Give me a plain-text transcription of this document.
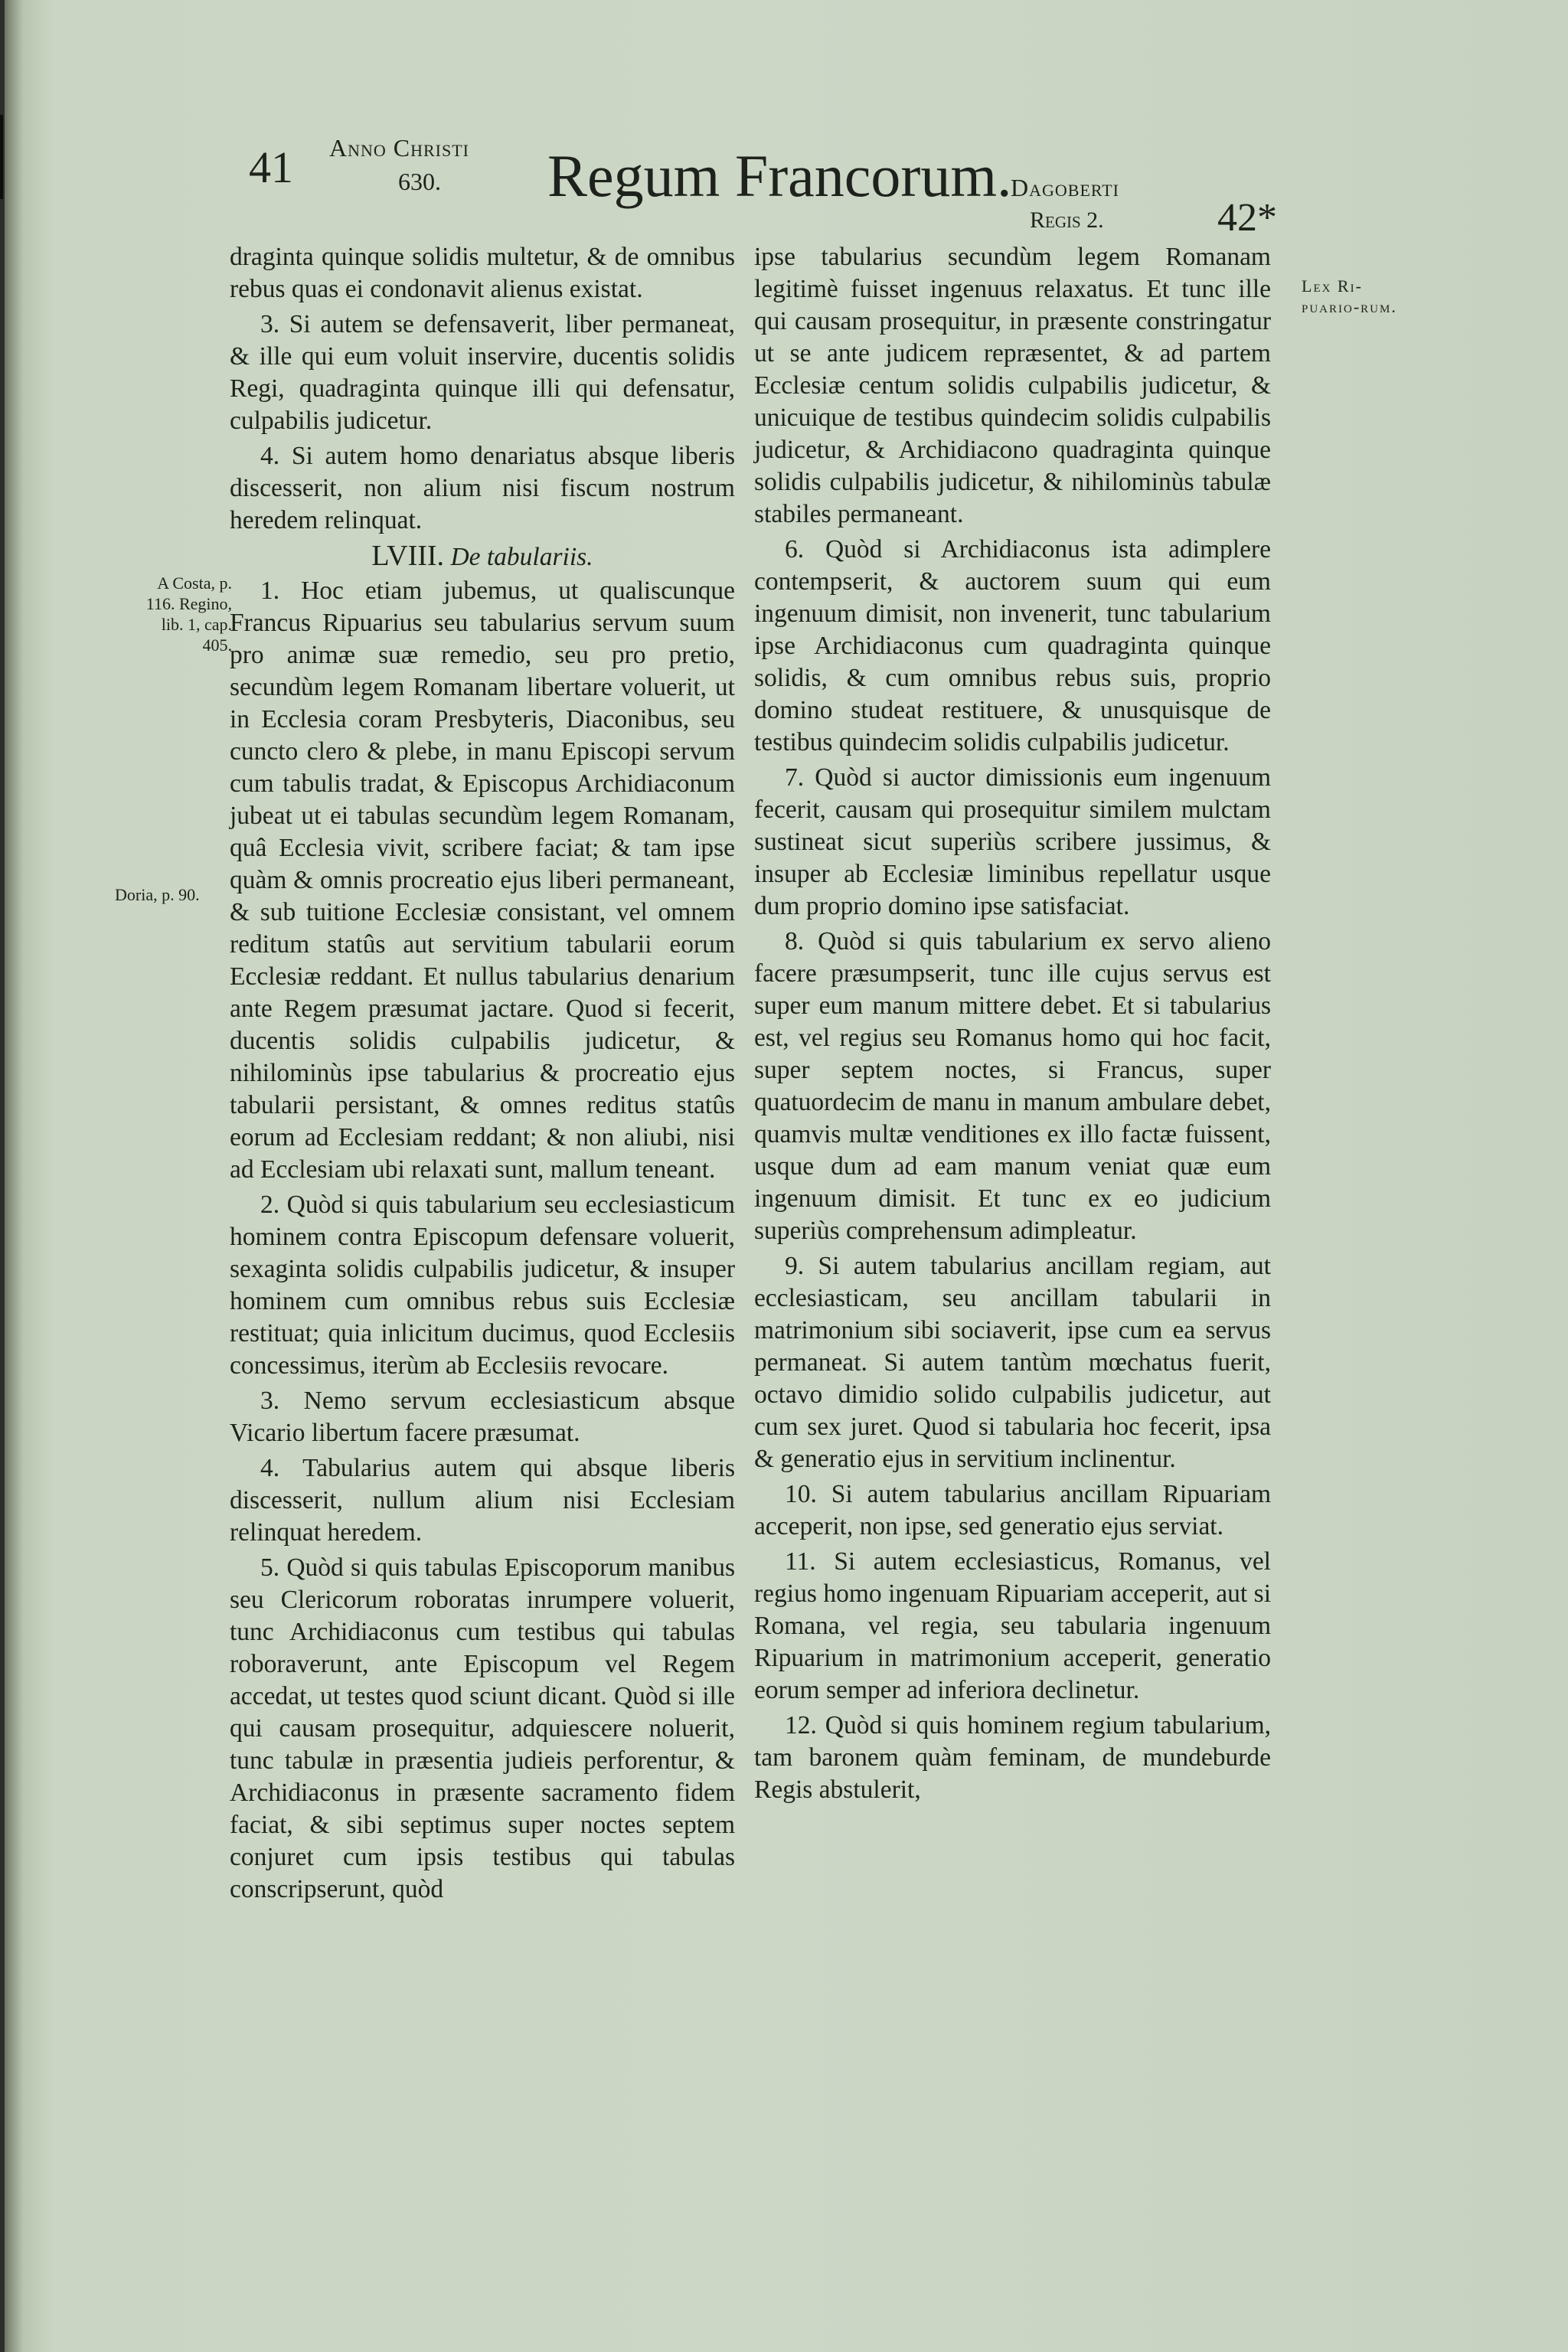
41 Anno Christi
630. Regum Francorum.
Dagoberti
Regis 2.	42*
A Costa, p. 116. Regino, lib. 1, cap. 405.
Doria, p. 90.
Lex Ri-puario-rum.

draginta quinque solidis multetur, & de omnibus rebus quas ei condonavit alienus existat.

3. Si autem se defensaverit, liber permaneat, & ille qui eum voluit inservire, ducentis solidis Regi, quadraginta quinque illi qui defensatur, culpabilis judicetur.

4. Si autem homo denariatus absque liberis discesserit, non alium nisi fiscum nostrum heredem relinquat.

LVIII. De tabulariis.

1. Hoc etiam jubemus, ut qualiscunque Francus Ripuarius seu tabularius servum suum pro animæ suæ remedio, seu pro pretio, secundùm legem Romanam libertare voluerit, ut in Ecclesia coram Presbyteris, Diaconibus, seu cuncto clero & plebe, in manu Episcopi servum cum tabulis tradat, & Episcopus Archidiaconum jubeat ut ei tabulas secundùm legem Romanam, quâ Ecclesia vivit, scribere faciat; & tam ipse quàm & omnis procreatio ejus liberi permaneant, & sub tuitione Ecclesiæ consistant, vel omnem reditum statûs aut servitium tabularii eorum Ecclesiæ reddant. Et nullus tabularius denarium ante Regem præsumat jactare. Quod si fecerit, ducentis solidis culpabilis judicetur, & nihilominùs ipse tabularius & procreatio ejus tabularii persistant, & omnes reditus statûs eorum ad Ecclesiam reddant; & non aliubi, nisi ad Ecclesiam ubi relaxati sunt, mallum teneant.

2. Quòd si quis tabularium seu ecclesiasticum hominem contra Episcopum defensare voluerit, sexaginta solidis culpabilis judicetur, & insuper hominem cum omnibus rebus suis Ecclesiæ restituat; quia inlicitum ducimus, quod Ecclesiis concessimus, iterùm ab Ecclesiis revocare.

3. Nemo servum ecclesiasticum absque Vicario libertum facere præsumat.

4. Tabularius autem qui absque liberis discesserit, nullum alium nisi Ecclesiam relinquat heredem.

5. Quòd si quis tabulas Episcoporum manibus seu Clericorum roboratas inrumpere voluerit, tunc Archidiaconus cum testibus qui tabulas roboraverunt, ante Episcopum vel Regem accedat, ut testes quod sciunt dicant. Quòd si ille qui causam prosequitur, adquiescere noluerit, tunc tabulæ in præsentia judieis perforentur, & Archidiaconus in præsente sacramento fidem faciat, & sibi septimus super noctes septem conjuret cum ipsis testibus qui tabulas conscripserunt, quòd

ipse tabularius secundùm legem Romanam legitimè fuisset ingenuus relaxatus. Et tunc ille qui causam prosequitur, in præsente constringatur ut se ante judicem repræsentet, & ad partem Ecclesiæ centum solidis culpabilis judicetur, & unicuique de testibus quindecim solidis culpabilis judicetur, & Archidiacono quadraginta quinque solidis culpabilis judicetur, & nihilominùs tabulæ stabiles permaneant.

6. Quòd si Archidiaconus ista adimplere contempserit, & auctorem suum qui eum ingenuum dimisit, non invenerit, tunc tabularium ipse Archidiaconus cum quadraginta quinque solidis, & cum omnibus rebus suis, proprio domino studeat restituere, & unusquisque de testibus quindecim solidis culpabilis judicetur.

7. Quòd si auctor dimissionis eum ingenuum fecerit, causam qui prosequitur similem mulctam sustineat sicut superiùs scribere jussimus, & insuper ab Ecclesiæ liminibus repellatur usque dum proprio domino ipse satisfaciat.

8. Quòd si quis tabularium ex servo alieno facere præsumpserit, tunc ille cujus servus est super eum manum mittere debet. Et si tabularius est, vel regius seu Romanus homo qui hoc facit, super septem noctes, si Francus, super quatuordecim de manu in manum ambulare debet, quamvis multæ venditiones ex illo factæ fuissent, usque dum ad eam manum veniat quæ eum ingenuum dimisit. Et tunc ex eo judicium superiùs comprehensum adimpleatur.

9. Si autem tabularius ancillam regiam, aut ecclesiasticam, seu ancillam tabularii in matrimonium sibi sociaverit, ipse cum ea servus permaneat. Si autem tantùm mœchatus fuerit, octavo dimidio solido culpabilis judicetur, aut cum sex juret. Quod si tabularia hoc fecerit, ipsa & generatio ejus in servitium inclinentur.

10. Si autem tabularius ancillam Ripuariam acceperit, non ipse, sed generatio ejus serviat.

11. Si autem ecclesiasticus, Romanus, vel regius homo ingenuam Ripuariam acceperit, aut si Romana, vel regia, seu tabularia ingenuum Ripuarium in matrimonium acceperit, generatio eorum semper ad inferiora declinetur.

12. Quòd si quis hominem regium tabularium, tam baronem quàm feminam, de mundeburde Regis abstulerit,
